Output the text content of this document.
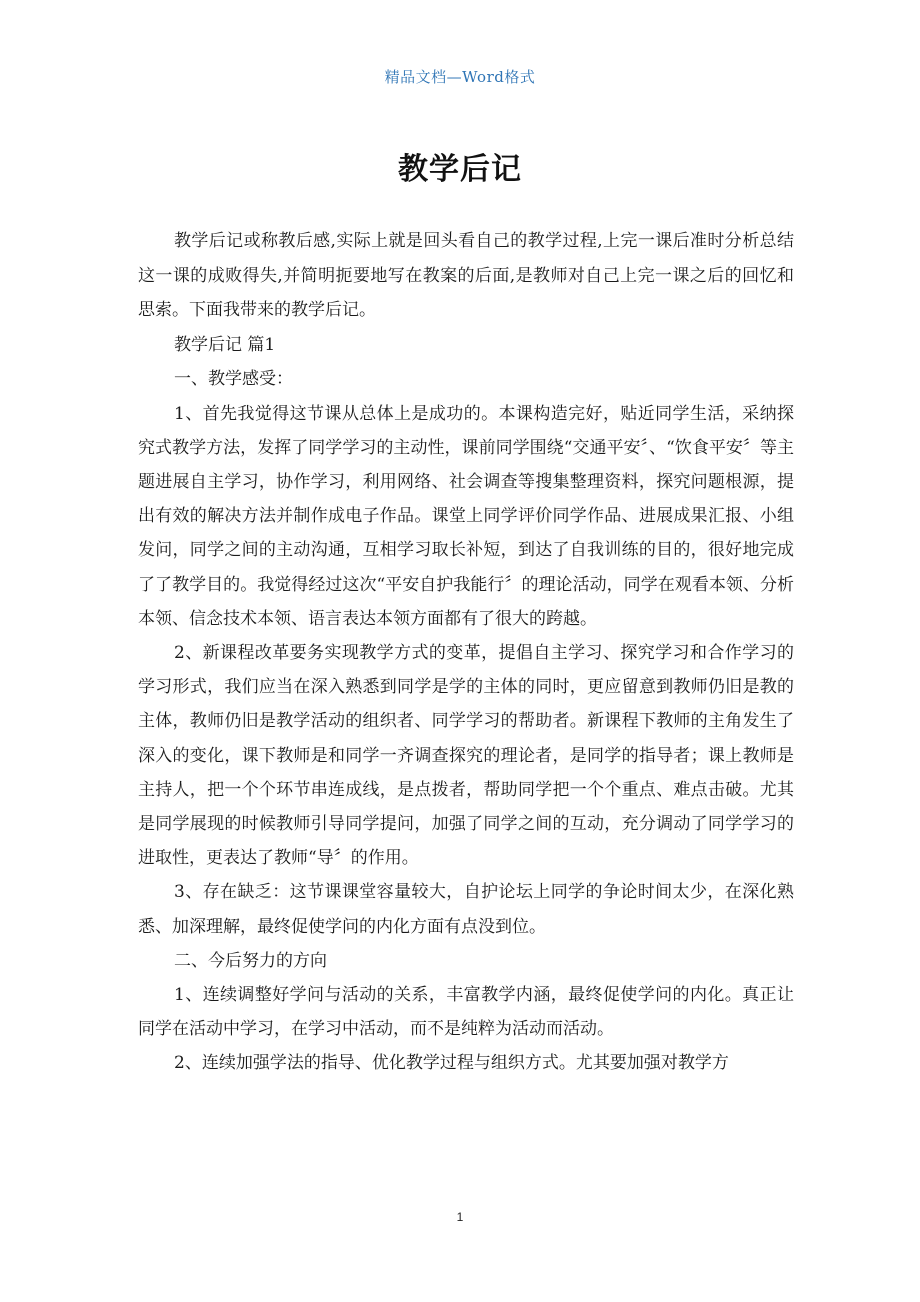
精品文档—Word格式
教学后记

教学后记或称教后感,实际上就是回头看自己的教学过程,上完一课后准时分析总结这一课的成败得失,并简明扼要地写在教案的后面,是教师对自己上完一课之后的回忆和思索。下面我带来的教学后记。

教学后记 篇1

一、教学感受：

1、首先我觉得这节课从总体上是成功的。本课构造完好，贴近同学生活，采纳探究式教学方法，发挥了同学学习的主动性，课前同学围绕“交通平安〞、“饮食平安〞等主题进展自主学习，协作学习，利用网络、社会调查等搜集整理资料，探究问题根源，提出有效的解决方法并制作成电子作品。课堂上同学评价同学作品、进展成果汇报、小组发问，同学之间的主动沟通，互相学习取长补短，到达了自我训练的目的，很好地完成了了教学目的。我觉得经过这次“平安自护我能行〞的理论活动，同学在观看本领、分析本领、信念技术本领、语言表达本领方面都有了很大的跨越。

2、新课程改革要务实现教学方式的变革，提倡自主学习、探究学习和合作学习的学习形式，我们应当在深入熟悉到同学是学的主体的同时，更应留意到教师仍旧是教的主体，教师仍旧是教学活动的组织者、同学学习的帮助者。新课程下教师的主角发生了深入的变化，课下教师是和同学一齐调查探究的理论者，是同学的指导者；课上教师是主持人，把一个个环节串连成线，是点拨者，帮助同学把一个个重点、难点击破。尤其是同学展现的时候教师引导同学提问，加强了同学之间的互动，充分调动了同学学习的进取性，更表达了教师“导〞的作用。

3、存在缺乏：这节课课堂容量较大，自护论坛上同学的争论时间太少，在深化熟悉、加深理解，最终促使学问的内化方面有点没到位。

二、今后努力的方向

1、连续调整好学问与活动的关系，丰富教学内涵，最终促使学问的内化。真正让同学在活动中学习，在学习中活动，而不是纯粹为活动而活动。

2、连续加强学法的指导、优化教学过程与组织方式。尤其要加强对教学方

1
